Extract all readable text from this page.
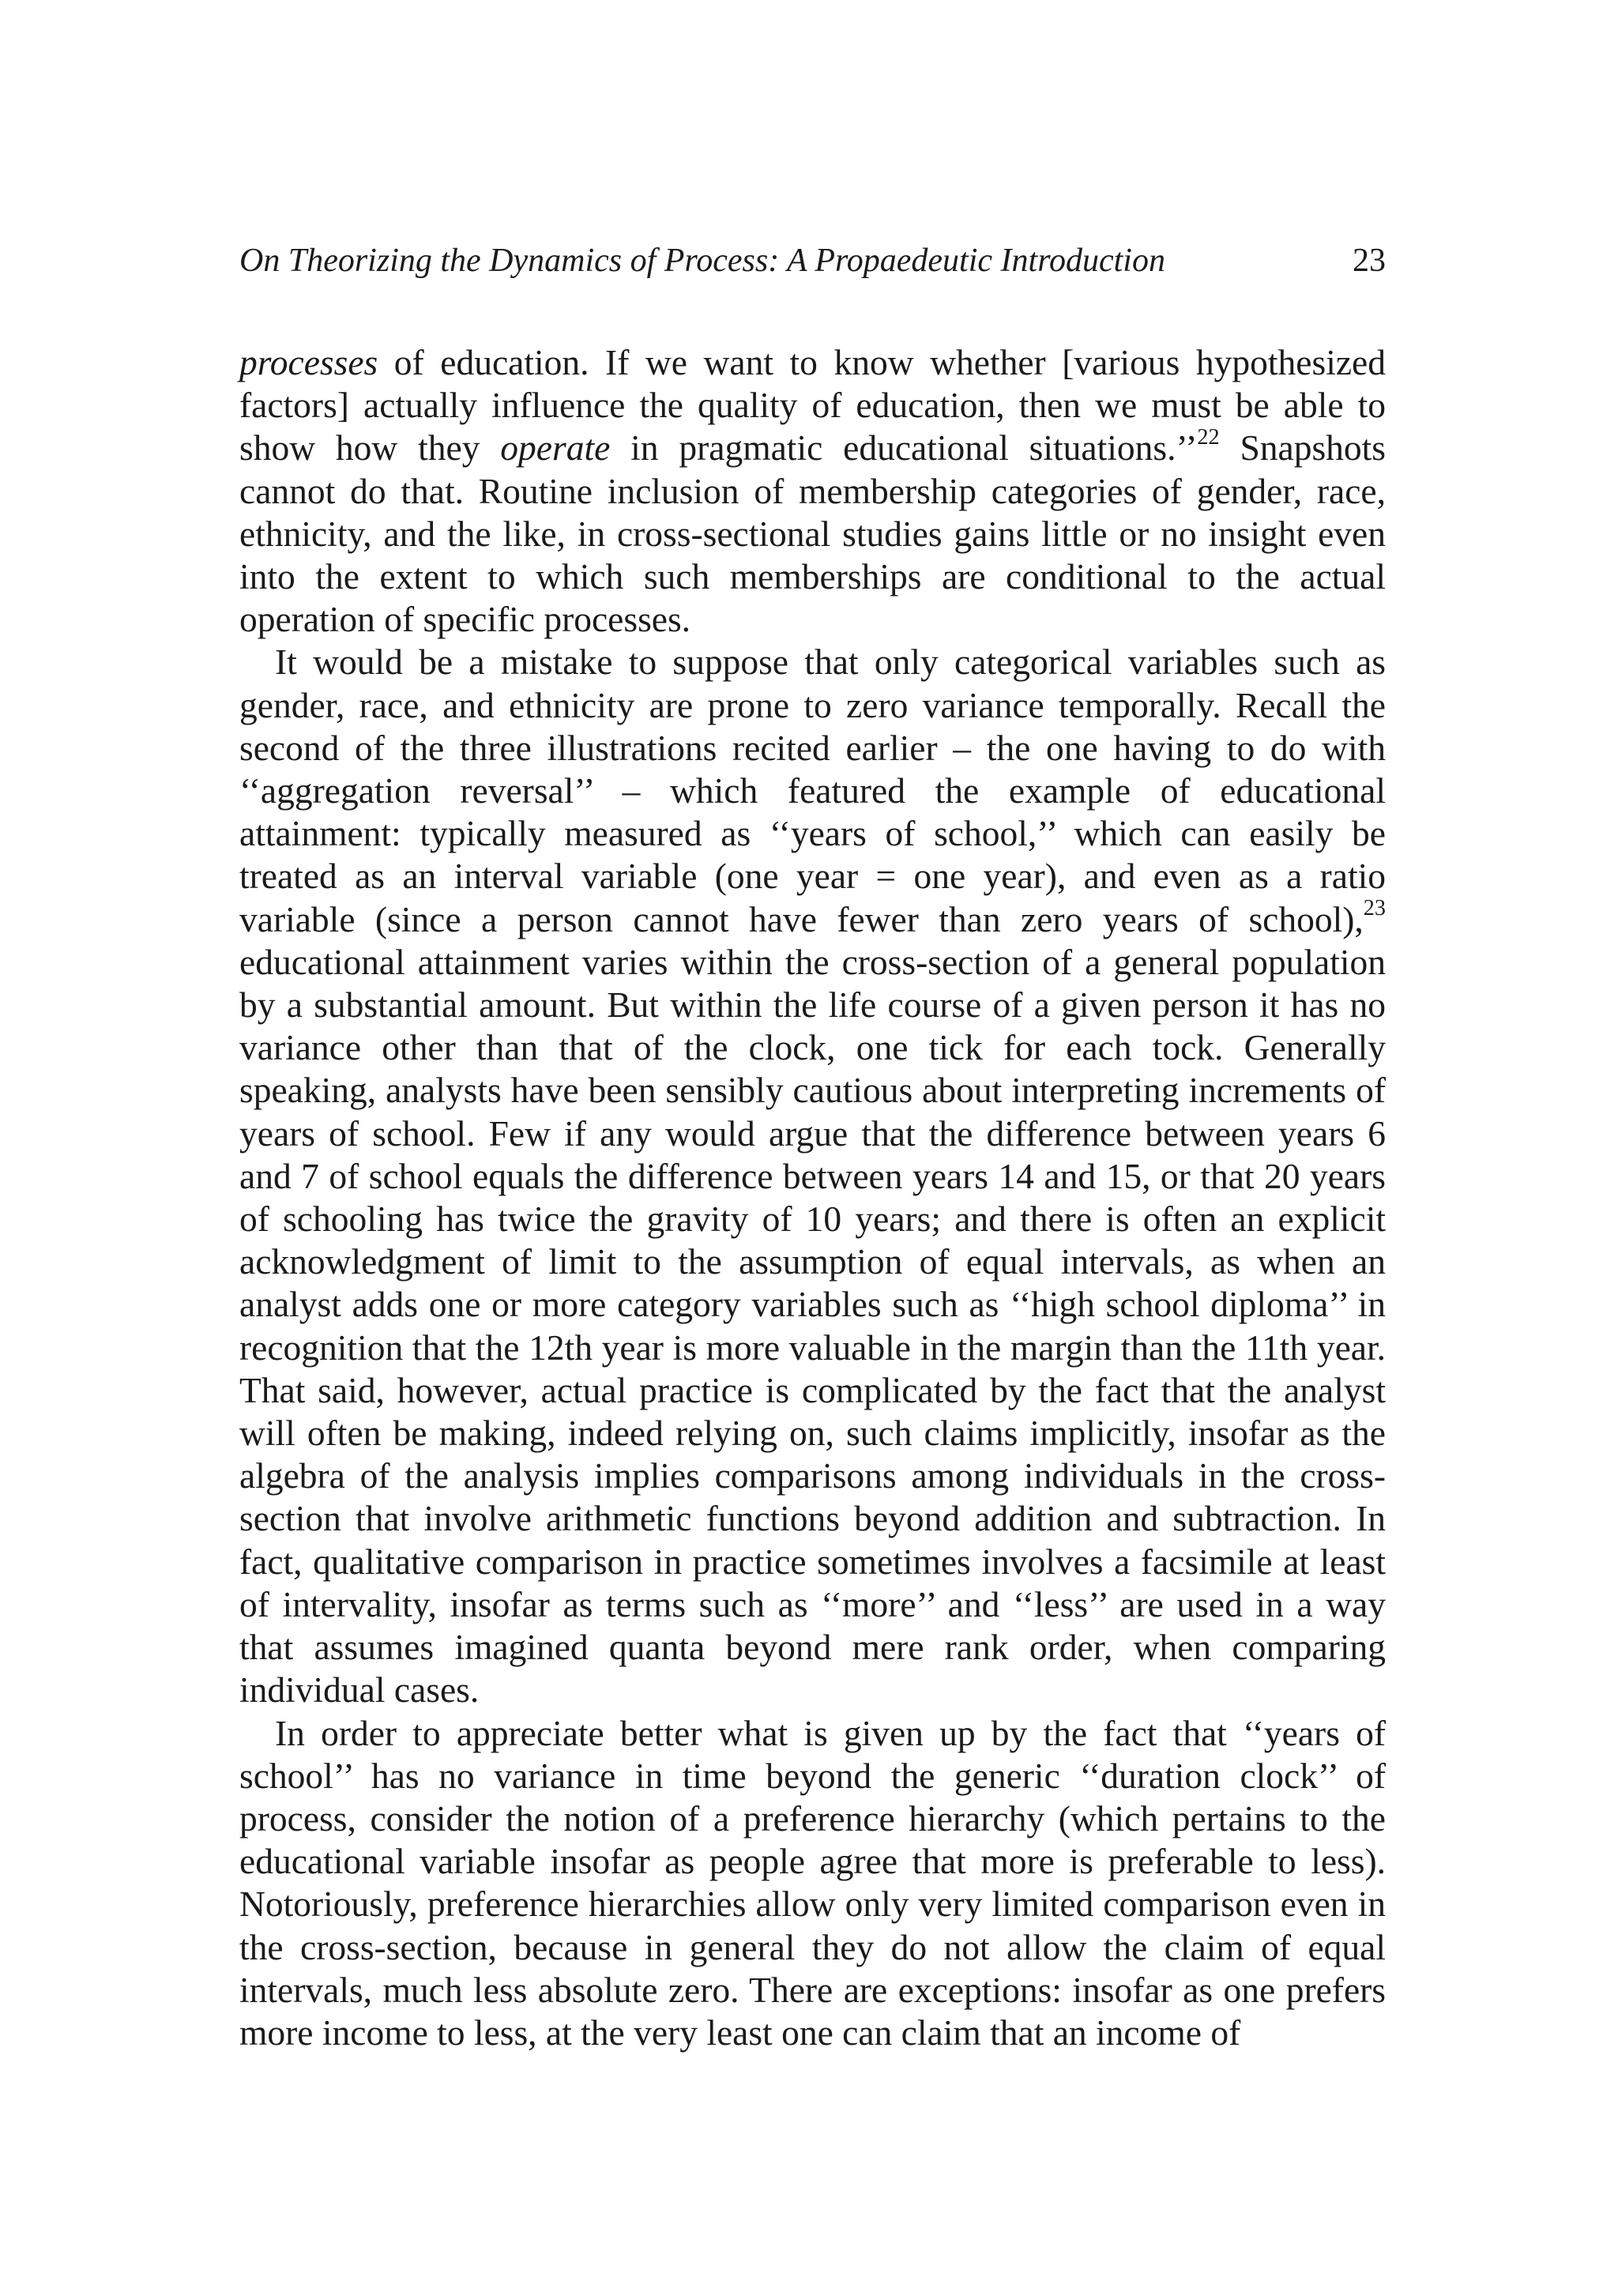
On Theorizing the Dynamics of Process: A Propaedeutic Introduction	23

processes of education. If we want to know whether [various hypothesized factors] actually influence the quality of education, then we must be able to show how they operate in pragmatic educational situations.’’$^{22}$ Snapshots cannot do that. Routine inclusion of membership categories of gender, race, ethnicity, and the like, in cross-sectional studies gains little or no insight even into the extent to which such memberships are conditional to the actual operation of specific processes.

It would be a mistake to suppose that only categorical variables such as gender, race, and ethnicity are prone to zero variance temporally. Recall the second of the three illustrations recited earlier – the one having to do with ‘‘aggregation reversal’’ – which featured the example of educational attainment: typically measured as ‘‘years of school,’’ which can easily be treated as an interval variable (one year = one year), and even as a ratio variable (since a person cannot have fewer than zero years of school),$^{23}$ educational attainment varies within the cross-section of a general population by a substantial amount. But within the life course of a given person it has no variance other than that of the clock, one tick for each tock. Generally speaking, analysts have been sensibly cautious about interpreting increments of years of school. Few if any would argue that the difference between years 6 and 7 of school equals the difference between years 14 and 15, or that 20 years of schooling has twice the gravity of 10 years; and there is often an explicit acknowledgment of limit to the assumption of equal intervals, as when an analyst adds one or more category variables such as ‘‘high school diploma’’ in recognition that the 12th year is more valuable in the margin than the 11th year. That said, however, actual practice is complicated by the fact that the analyst will often be making, indeed relying on, such claims implicitly, insofar as the algebra of the analysis implies comparisons among individuals in the cross-section that involve arithmetic functions beyond addition and subtraction. In fact, qualitative comparison in practice sometimes involves a facsimile at least of intervality, insofar as terms such as ‘‘more’’ and ‘‘less’’ are used in a way that assumes imagined quanta beyond mere rank order, when comparing individual cases.

In order to appreciate better what is given up by the fact that ‘‘years of school’’ has no variance in time beyond the generic ‘‘duration clock’’ of process, consider the notion of a preference hierarchy (which pertains to the educational variable insofar as people agree that more is preferable to less). Notoriously, preference hierarchies allow only very limited comparison even in the cross-section, because in general they do not allow the claim of equal intervals, much less absolute zero. There are exceptions: insofar as one prefers more income to less, at the very least one can claim that an income of
